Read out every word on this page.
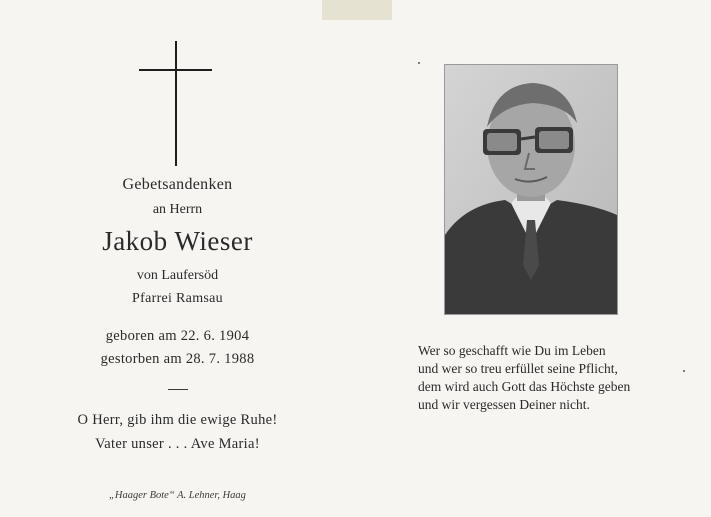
Gebetsandenken
an Herrn
Jakob Wieser
von Laufersöd
Pfarrei Ramsau
geboren am 22. 6. 1904
gestorben am 28. 7. 1988
O Herr, gib ihm die ewige Ruhe!
Vater unser . . . Ave Maria!
„Haager Bote“ A. Lehner, Haag
Wer so geschafft wie Du im Leben
und wer so treu erfüllet seine Pflicht,
dem wird auch Gott das Höchste geben
und wir vergessen Deiner nicht.
